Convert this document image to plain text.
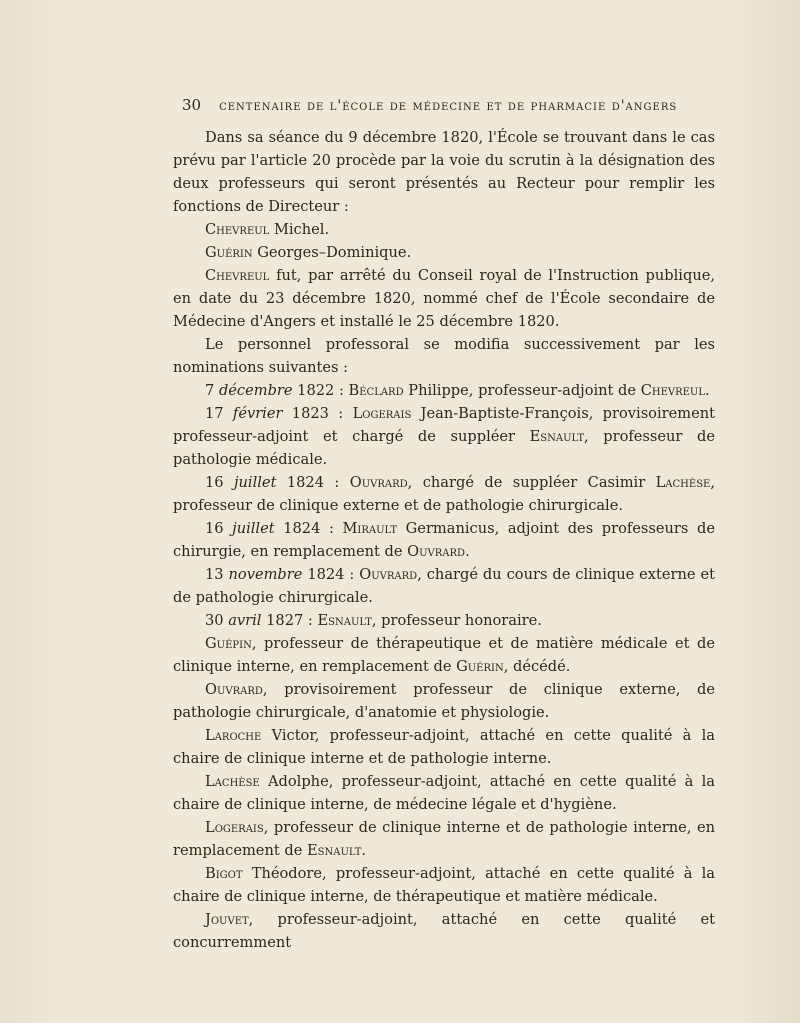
30 centenaire de l'école de médecine et de pharmacie d'angers

Dans sa séance du 9 décembre 1820, l'École se trouvant dans le cas prévu par l'article 20 procède par la voie du scrutin à la désignation des deux professeurs qui seront présentés au Recteur pour remplir les fonctions de Directeur :

Chevreul Michel.

Guérin Georges–Dominique.

Chevreul fut, par arrêté du Conseil royal de l'Instruction publique, en date du 23 décembre 1820, nommé chef de l'École secondaire de Médecine d'Angers et installé le 25 décembre 1820.

Le personnel professoral se modifia successivement par les nominations suivantes :

7 décembre 1822 : Béclard Philippe, professeur-adjoint de Chevreul.

17 février 1823 : Logerais Jean-Baptiste-François, provisoirement professeur-adjoint et chargé de suppléer Esnault, professeur de pathologie médicale.

16 juillet 1824 : Ouvrard, chargé de suppléer Casimir Lachèse, professeur de clinique externe et de pathologie chirurgicale.

16 juillet 1824 : Mirault Germanicus, adjoint des professeurs de chirurgie, en remplacement de Ouvrard.

13 novembre 1824 : Ouvrard, chargé du cours de clinique externe et de pathologie chirurgicale.

30 avril 1827 : Esnault, professeur honoraire.

Guépin, professeur de thérapeutique et de matière médicale et de clinique interne, en remplacement de Guérin, décédé.

Ouvrard, provisoirement professeur de clinique externe, de pathologie chirurgicale, d'anatomie et physiologie.

Laroche Victor, professeur-adjoint, attaché en cette qualité à la chaire de clinique interne et de pathologie interne.

Lachèse Adolphe, professeur-adjoint, attaché en cette qualité à la chaire de clinique interne, de médecine légale et d'hygiène.

Logerais, professeur de clinique interne et de pathologie interne, en remplacement de Esnault.

Bigot Théodore, professeur-adjoint, attaché en cette qualité à la chaire de clinique interne, de thérapeutique et matière médicale.

Jouvet, professeur-adjoint, attaché en cette qualité et concurremment
